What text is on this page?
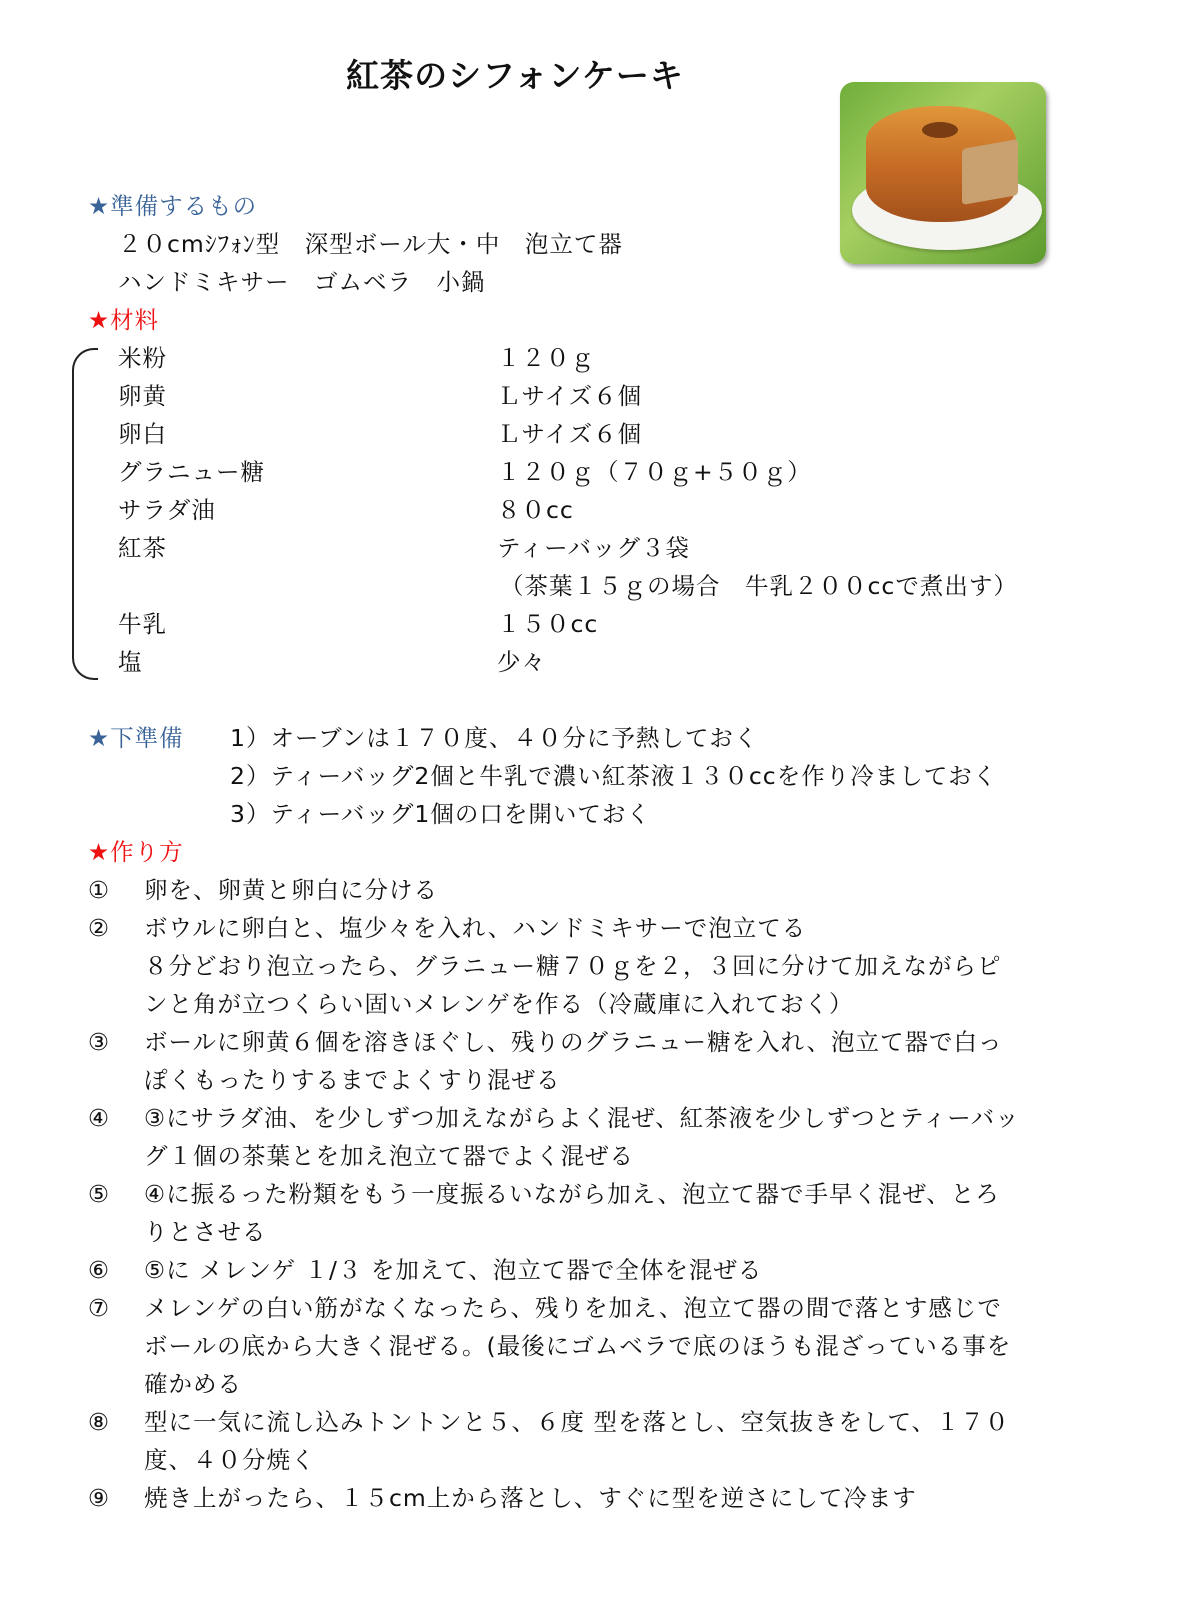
紅茶のシフォンケーキ
★準備するもの
２０cmｼﾌｫﾝ型　深型ボール大・中　泡立て器
ハンドミキサー　ゴムベラ　小鍋
★材料
米粉	１２０ｇ
卵黄	Ｌサイズ６個
卵白	Ｌサイズ６個
グラニュー糖	１２０ｇ（７０ｇ+５０ｇ）
サラダ油	８０cc
紅茶	ティーバッグ３袋
（茶葉１５ｇの場合　牛乳２００ccで煮出す）
牛乳	１５０cc
塩	少々
★下準備 1）オーブンは１７０度、４０分に予熱しておく
2）ティーバッグ2個と牛乳で濃い紅茶液１３０ccを作り冷ましておく
3）ティーバッグ1個の口を開いておく
★作り方
① 卵を、卵黄と卵白に分ける
② ボウルに卵白と、塩少々を入れ、ハンドミキサーで泡立てる
８分どおり泡立ったら、グラニュー糖７０ｇを２，３回に分けて加えながらピ
ンと角が立つくらい固いメレンゲを作る（冷蔵庫に入れておく）
③ ボールに卵黄６個を溶きほぐし、残りのグラニュー糖を入れ、泡立て器で白っ
ぽくもったりするまでよくすり混ぜる
④ ③にサラダ油、を少しずつ加えながらよく混ぜ、紅茶液を少しずつとティーバッ
グ１個の茶葉とを加え泡立て器でよく混ぜる
⑤ ④に振るった粉類をもう一度振るいながら加え、泡立て器で手早く混ぜ、とろ
りとさせる
⑥ ⑤に メレンゲ １/３ を加えて、泡立て器で全体を混ぜる
⑦ メレンゲの白い筋がなくなったら、残りを加え、泡立て器の間で落とす感じで
ボールの底から大きく混ぜる。(最後にゴムベラで底のほうも混ざっている事を
確かめる
⑧ 型に一気に流し込みトントンと５、６度 型を落とし、空気抜きをして、１７０
度、４０分焼く
⑨ 焼き上がったら、１５cm上から落とし、すぐに型を逆さにして冷ます
